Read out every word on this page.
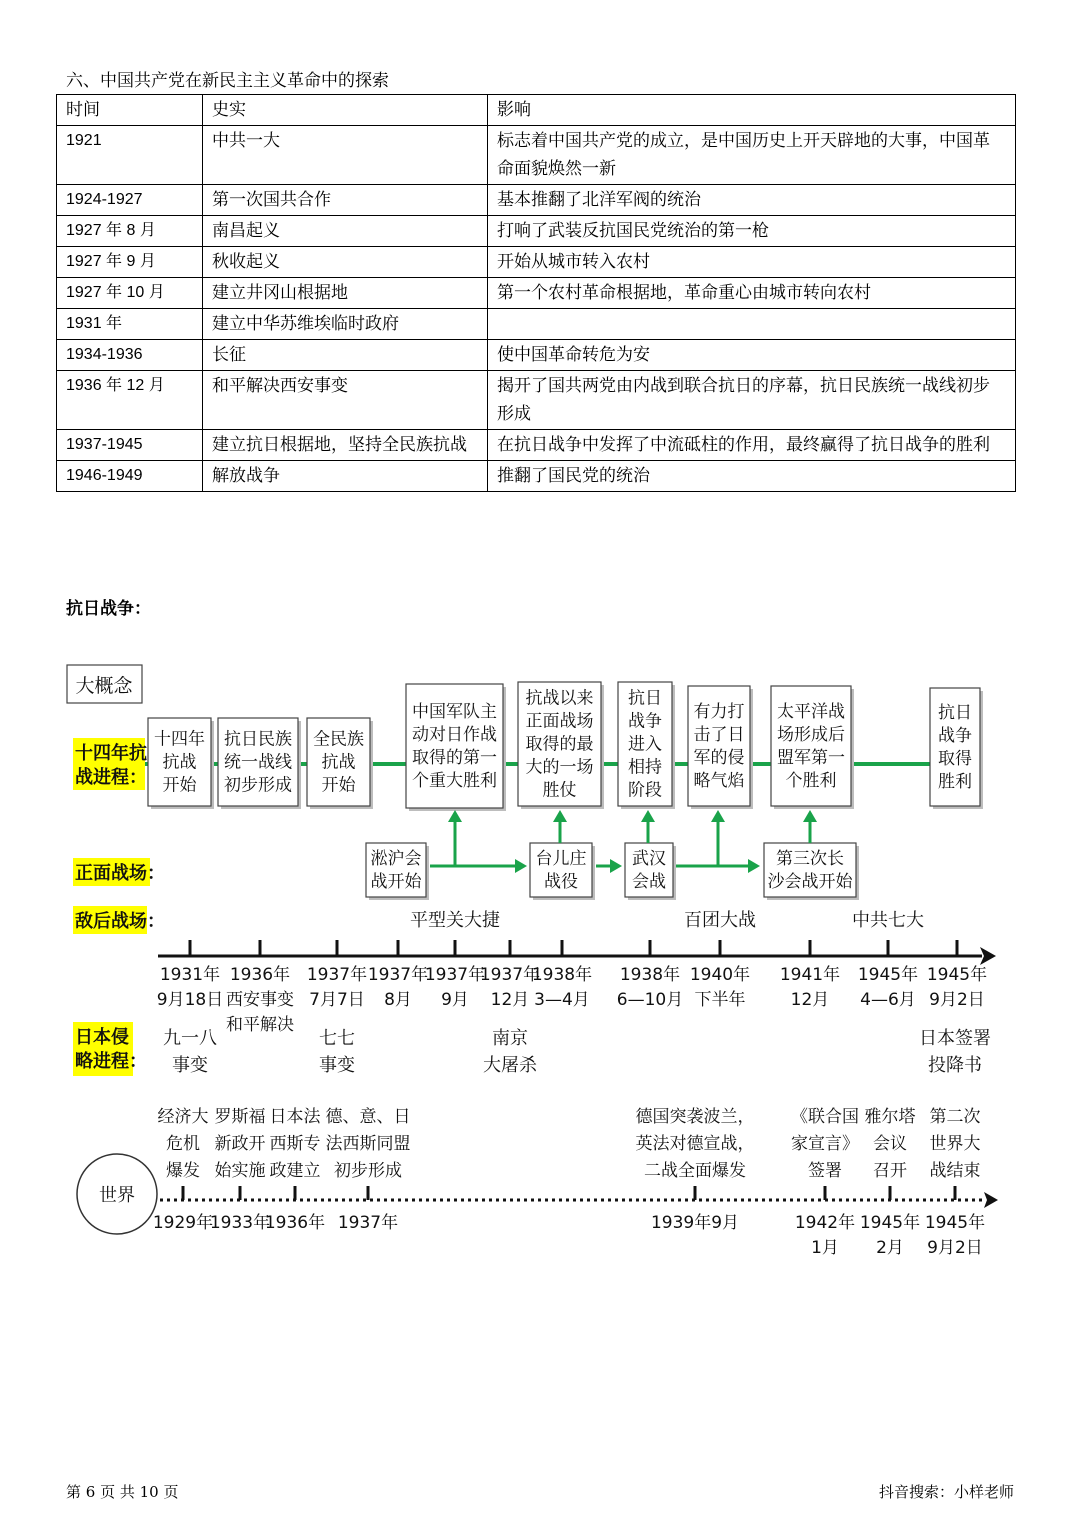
六、中国共产党在新民主主义革命中的探索
时间	史实	影响
1921	中共一大	标志着中国共产党的成立，是中国历史上开天辟地的大事，中国革命面貌焕然一新
1924-1927	第一次国共合作	基本推翻了北洋军阀的统治
1927 年 8 月	南昌起义	打响了武装反抗国民党统治的第一枪
1927 年 9 月	秋收起义	开始从城市转入农村
1927 年 10 月	建立井冈山根据地	第一个农村革命根据地，革命重心由城市转向农村
1931 年	建立中华苏维埃临时政府	
1934-1936	长征	使中国革命转危为安
1936 年 12 月	和平解决西安事变	揭开了国共两党由内战到联合抗日的序幕，抗日民族统一战线初步形成
1937-1945	建立抗日根据地，坚持全民族抗战	在抗日战争中发挥了中流砥柱的作用，最终赢得了抗日战争的胜利
1946-1949	解放战争	推翻了国民党的统治
抗日战争：
大概念
十四年抗
战进程：
正面战场：
敌后战场：
日本侵
略进程：
十四年
抗战
开始
抗日民族
统一战线
初步形成
全民族
抗战
开始
中国军队主
动对日作战
取得的第一
个重大胜利
抗战以来
正面战场
取得的最
大的一场
胜仗
抗日
战争
进入
相持
阶段
有力打
击了日
军的侵
略气焰
太平洋战
场形成后
盟军第一
个胜利
抗日
战争
取得
胜利
淞沪会
战开始
台儿庄
战役
武汉
会战
第三次长
沙会战开始
平型关大捷	百团大战	中共七大
1931年
9月18日
1936年
西安事变
和平解决
1937年
7月7日
1937年
8月
1937年
9月
1937年
12月
1938年
3—4月
1938年
6—10月
1940年
下半年
1941年
12月
1945年
4—6月
1945年
9月2日
九一八
事变
七七
事变
南京
大屠杀
日本签署
投降书
世界
经济大
危机
爆发
罗斯福
新政开
始实施
日本法
西斯专
政建立
德、意、日
法西斯同盟
初步形成
德国突袭波兰，
英法对德宣战，
二战全面爆发
《联合国
家宣言》
签署
雅尔塔
会议
召开
第二次
世界大
战结束
1929年
1933年
1936年 1937年	1939年9月	1942年
1月
1945年
2月
1945年
9月2日
第 6 页 共 10 页	抖音搜索：小样老师
